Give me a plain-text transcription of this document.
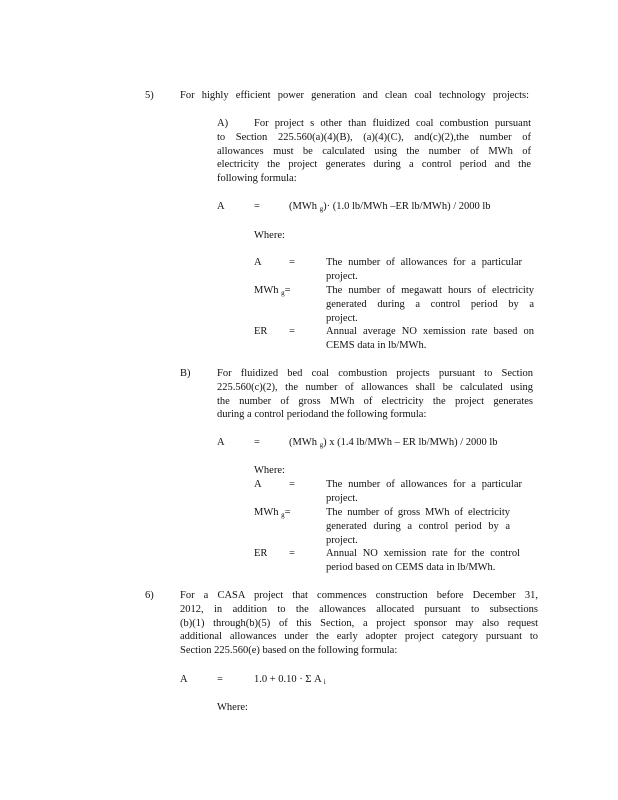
5)	For highly efficient power generation and clean coal technology projects:
A)	For project s other than fluidized coal combustion pursuant
to Section 225.560(a)(4)(B), (a)(4)(C), and(c)(2),the number of
allowances must be calculated using the number of MWh of
electricity the project generates during a control period and the
following formula:
A	=	(MWh $_g$)· (1.0 lb/MWh –ER lb/MWh) / 2000 lb
Where:
A	=	The number of allowances for a particular
project.
MWh $_g$=	The number of megawatt hours of electricity
generated during a control period by a
project.
ER =	Annual average NO xemission rate based on
CEMS data in lb/MWh.
B)	For fluidized bed coal combustion projects pursuant to Section
225.560(c)(2), the number of allowances shall be calculated using
the number of gross MWh of electricity the project generates
during a control periodand the following formula:
A	=	(MWh $_g$) x (1.4 lb/MWh – ER lb/MWh) / 2000 lb
Where:
A	=	The number of allowances for a particular
project.
MWh $_g$=	The number of gross MWh of electricity
generated during a control period by a
project.
ER =	Annual NO xemission rate for the control
period based on CEMS data in lb/MWh.
6)	For a CASA project that commences construction before December 31,
2012, in addition to the allowances allocated pursuant to subsections
(b)(1) through(b)(5) of this Section, a project sponsor may also request
additional allowances under the early adopter project category pursuant to
Section 225.560(e) based on the following formula:
A	=	1.0 + 0.10 · Σ A $_i$
Where:
